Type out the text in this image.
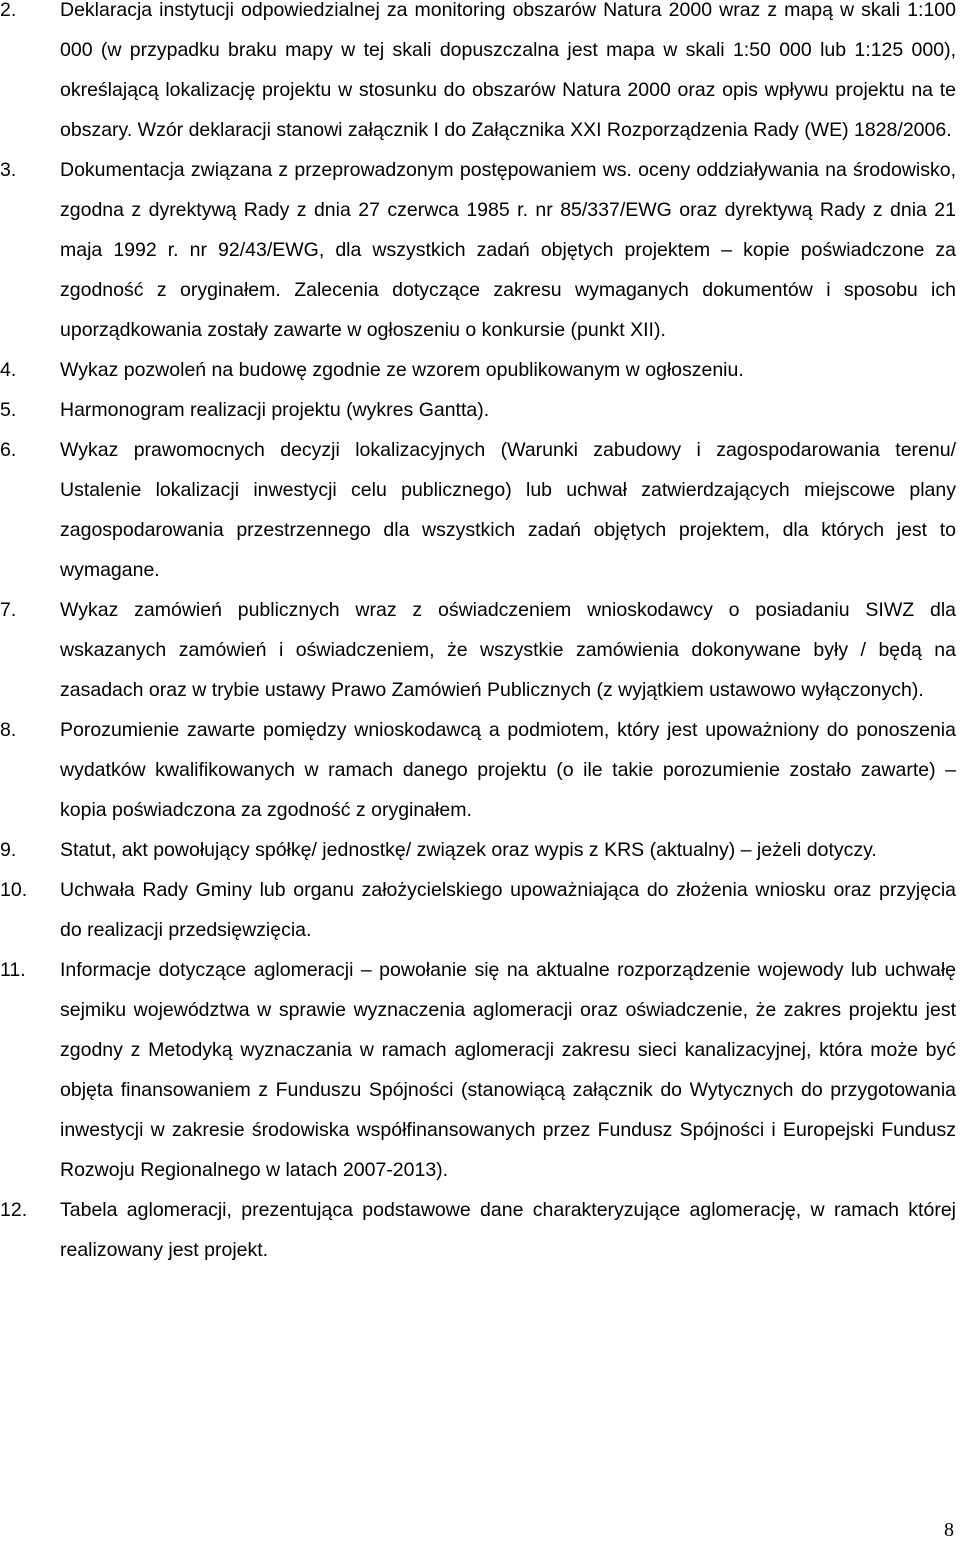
2.	Deklaracja instytucji odpowiedzialnej za monitoring obszarów Natura 2000 wraz z mapą w skali 1:100 000 (w przypadku braku mapy w tej skali dopuszczalna jest mapa w skali 1:50 000 lub 1:125 000), określającą lokalizację projektu w stosunku do obszarów Natura 2000 oraz opis wpływu projektu na te obszary. Wzór deklaracji stanowi załącznik I do Załącznika XXI Rozporządzenia Rady (WE) 1828/2006.
3.	Dokumentacja związana z przeprowadzonym postępowaniem ws. oceny oddziaływania na środowisko, zgodna z dyrektywą Rady z dnia 27 czerwca 1985 r. nr 85/337/EWG oraz dyrektywą Rady z dnia 21 maja 1992 r. nr 92/43/EWG, dla wszystkich zadań objętych projektem – kopie poświadczone za zgodność z oryginałem. Zalecenia dotyczące zakresu wymaganych dokumentów i sposobu ich uporządkowania zostały zawarte w ogłoszeniu o konkursie (punkt XII).
4.	Wykaz pozwoleń na budowę zgodnie ze wzorem opublikowanym w ogłoszeniu.
5.	Harmonogram realizacji projektu (wykres Gantta).
6.	Wykaz prawomocnych decyzji lokalizacyjnych (Warunki zabudowy i zagospodarowania terenu/ Ustalenie lokalizacji inwestycji celu publicznego) lub uchwał zatwierdzających miejscowe plany zagospodarowania przestrzennego dla wszystkich zadań objętych projektem, dla których jest to wymagane.
7.	Wykaz zamówień publicznych wraz z oświadczeniem wnioskodawcy o posiadaniu SIWZ dla wskazanych zamówień i oświadczeniem, że wszystkie zamówienia dokonywane były / będą na zasadach oraz w trybie ustawy Prawo Zamówień Publicznych (z wyjątkiem ustawowo wyłączonych).
8.	Porozumienie zawarte pomiędzy wnioskodawcą a podmiotem, który jest upoważniony do ponoszenia wydatków kwalifikowanych w ramach danego projektu (o ile takie porozumienie zostało zawarte) – kopia poświadczona za zgodność z oryginałem.
9.	Statut, akt powołujący spółkę/ jednostkę/ związek oraz wypis z KRS (aktualny) – jeżeli dotyczy.
10.	Uchwała Rady Gminy lub organu założycielskiego upoważniająca do złożenia wniosku oraz przyjęcia do realizacji przedsięwzięcia.
11.	Informacje dotyczące aglomeracji – powołanie się na aktualne rozporządzenie wojewody lub uchwałę sejmiku województwa w sprawie wyznaczenia aglomeracji oraz oświadczenie, że zakres projektu jest zgodny z Metodyką wyznaczania w ramach aglomeracji zakresu sieci kanalizacyjnej, która może być objęta finansowaniem z Funduszu Spójności (stanowiącą załącznik do Wytycznych do przygotowania inwestycji w zakresie środowiska współfinansowanych przez Fundusz Spójności i Europejski Fundusz Rozwoju Regionalnego w latach 2007-2013).
12.	Tabela aglomeracji, prezentująca podstawowe dane charakteryzujące aglomerację, w ramach której realizowany jest projekt.
8
